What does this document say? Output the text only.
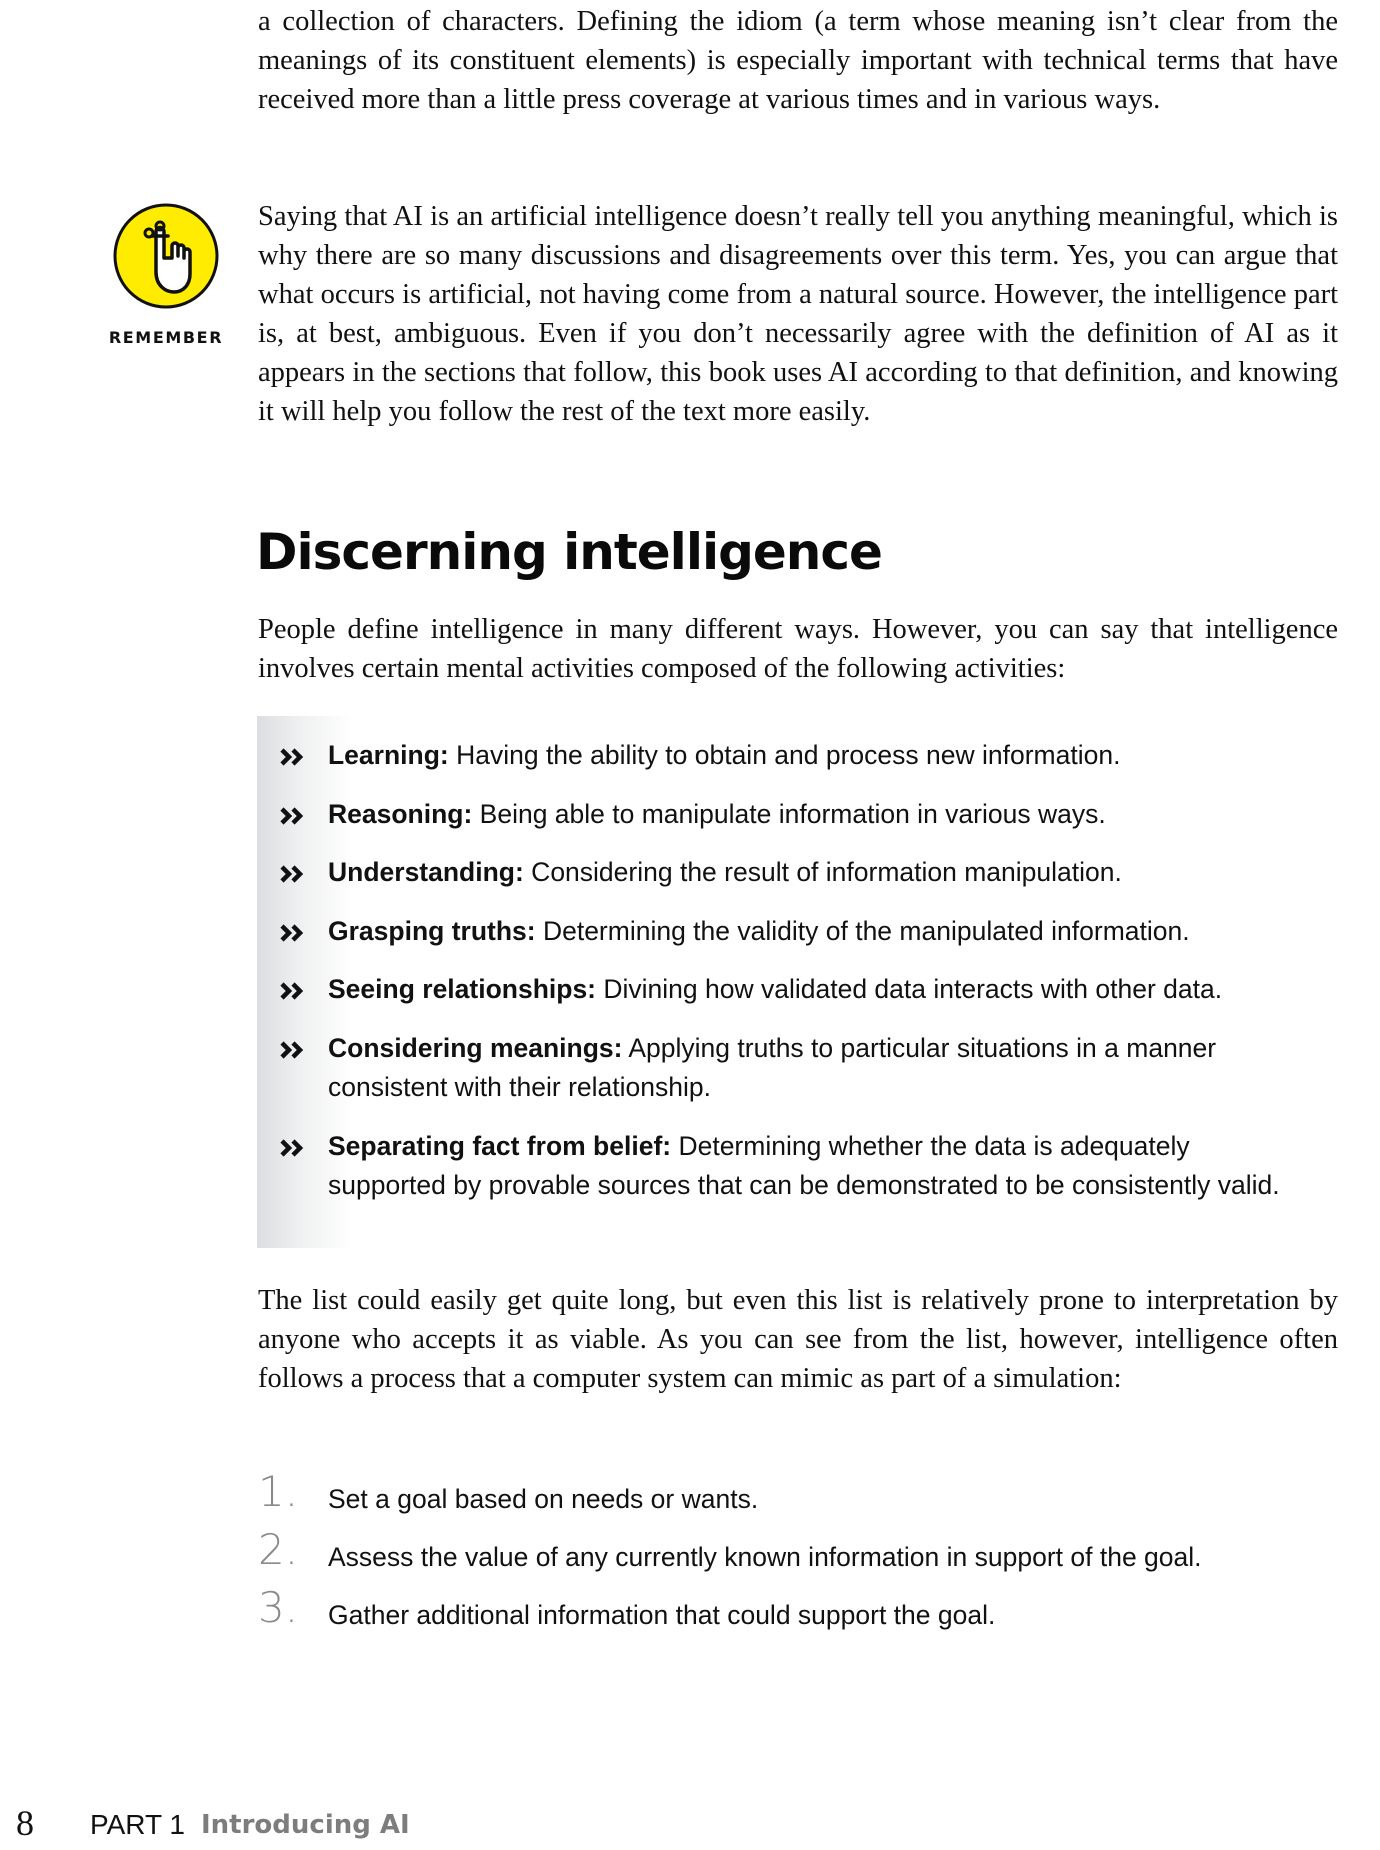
a collection of characters. Defining the idiom (a term whose meaning isn’t clear from the meanings of its constituent elements) is especially important with technical terms that have received more than a little press coverage at various times and in various ways.

REMEMBER

Saying that AI is an artificial intelligence doesn’t really tell you anything meaningful, which is why there are so many discussions and disagreements over this term. Yes, you can argue that what occurs is artificial, not having come from a natural source. However, the intelligence part is, at best, ambiguous. Even if you don’t necessarily agree with the definition of AI as it appears in the sections that follow, this book uses AI according to that definition, and knowing it will help you follow the rest of the text more easily.

Discerning intelligence

People define intelligence in many different ways. However, you can say that intelligence involves certain mental activities composed of the following activities:

Learning: Having the ability to obtain and process new information.
Reasoning: Being able to manipulate information in various ways.
Understanding: Considering the result of information manipulation.
Grasping truths: Determining the validity of the manipulated information.
Seeing relationships: Divining how validated data interacts with other data.
Considering meanings: Applying truths to particular situations in a manner consistent with their relationship.
Separating fact from belief: Determining whether the data is adequately supported by provable sources that can be demonstrated to be consistently valid.

The list could easily get quite long, but even this list is relatively prone to interpretation by anyone who accepts it as viable. As you can see from the list, however, intelligence often follows a process that a computer system can mimic as part of a simulation:

1.	Set a goal based on needs or wants.
2.	Assess the value of any currently known information in support of the goal.
3.	Gather additional information that could support the goal.
8 PART 1 Introducing AI
